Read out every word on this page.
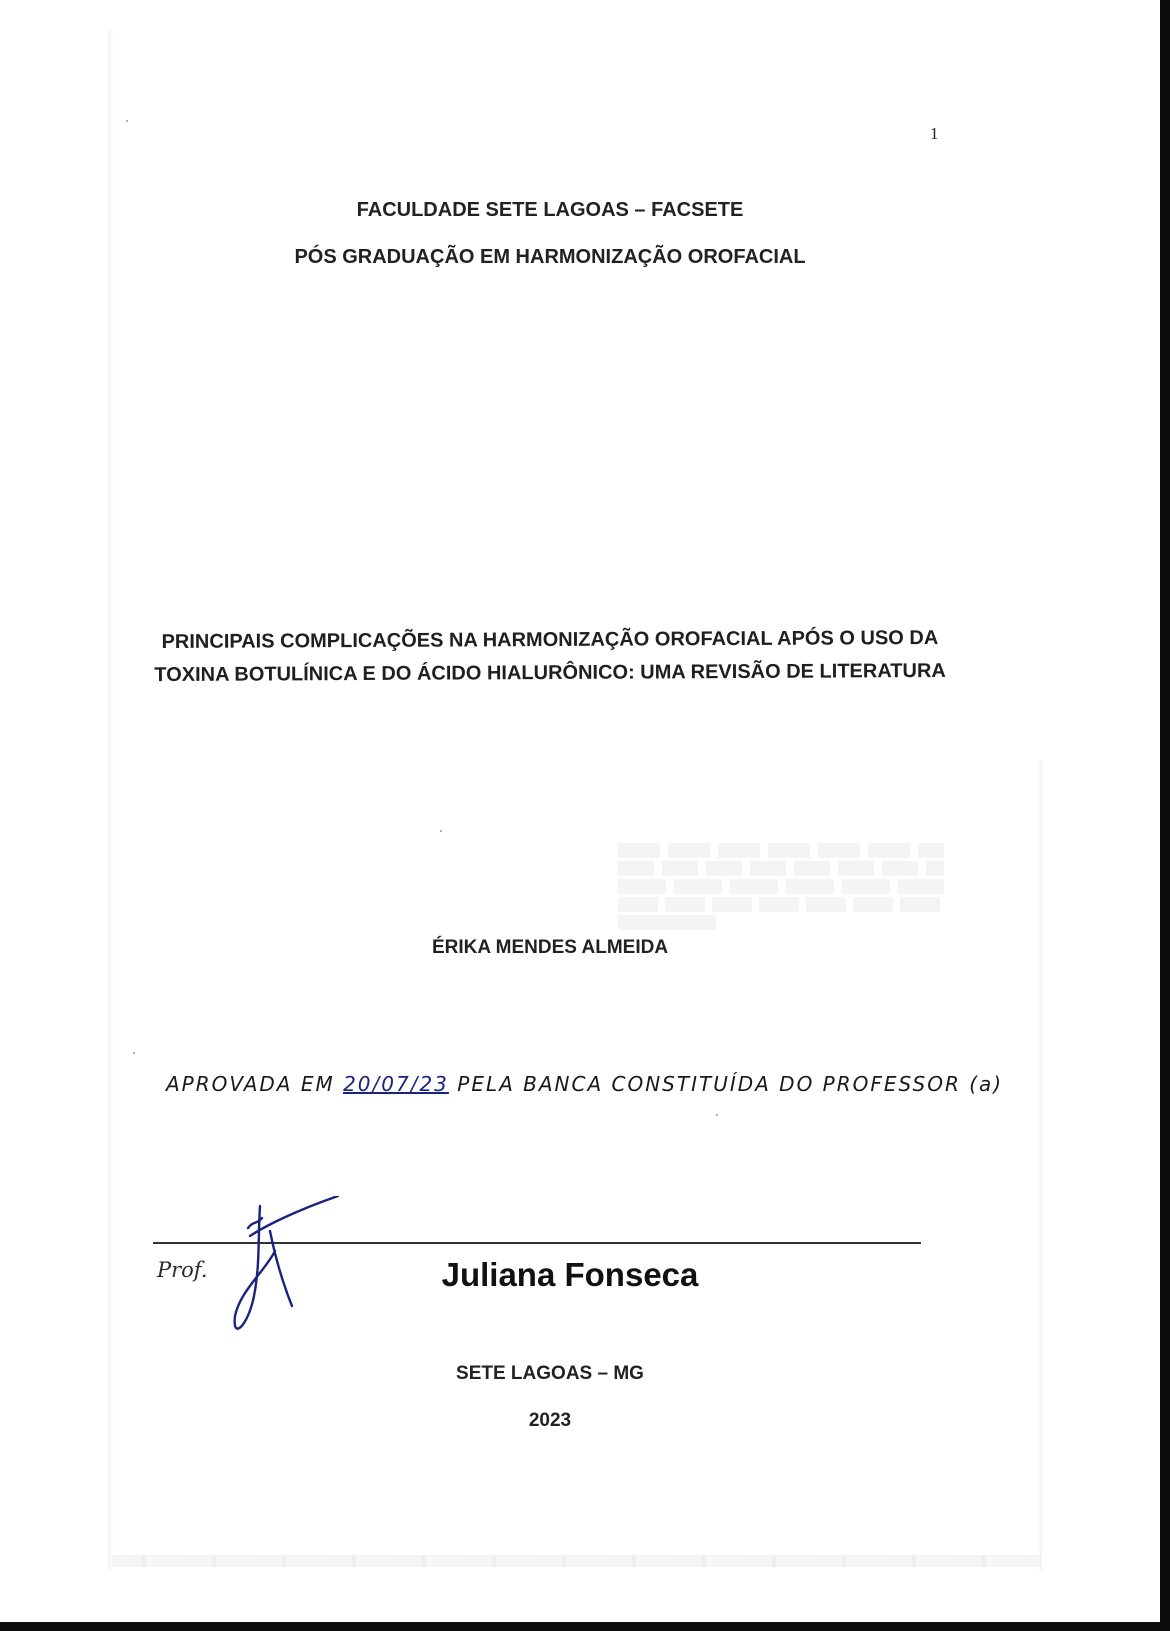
1
FACULDADE SETE LAGOAS – FACSETE
PÓS GRADUAÇÃO EM HARMONIZAÇÃO OROFACIAL
PRINCIPAIS COMPLICAÇÕES NA HARMONIZAÇÃO OROFACIAL APÓS O USO DA
TOXINA BOTULÍNICA E DO ÁCIDO HIALURÔNICO: UMA REVISÃO DE LITERATURA
ÉRIKA MENDES ALMEIDA
APROVADA EM 20/07/23 PELA BANCA CONSTITUÍDA DO PROFESSOR (a)
Prof.	Juliana Fonseca
SETE LAGOAS – MG
2023
